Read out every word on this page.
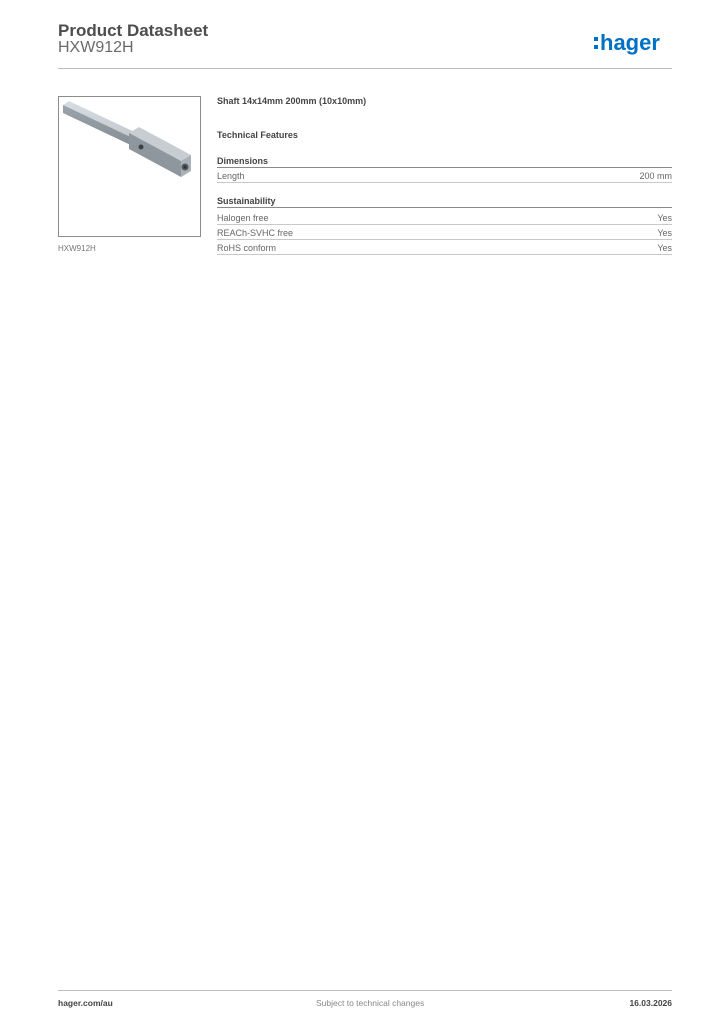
Product Datasheet
HXW912H	hager
HXW912H
Shaft 14x14mm 200mm (10x10mm)
Technical Features
Dimensions
Length	200 mm
Sustainability
Halogen free	Yes
REACh-SVHC free	Yes
RoHS conform	Yes
hager.com/au	Subject to technical changes	16.03.2026
